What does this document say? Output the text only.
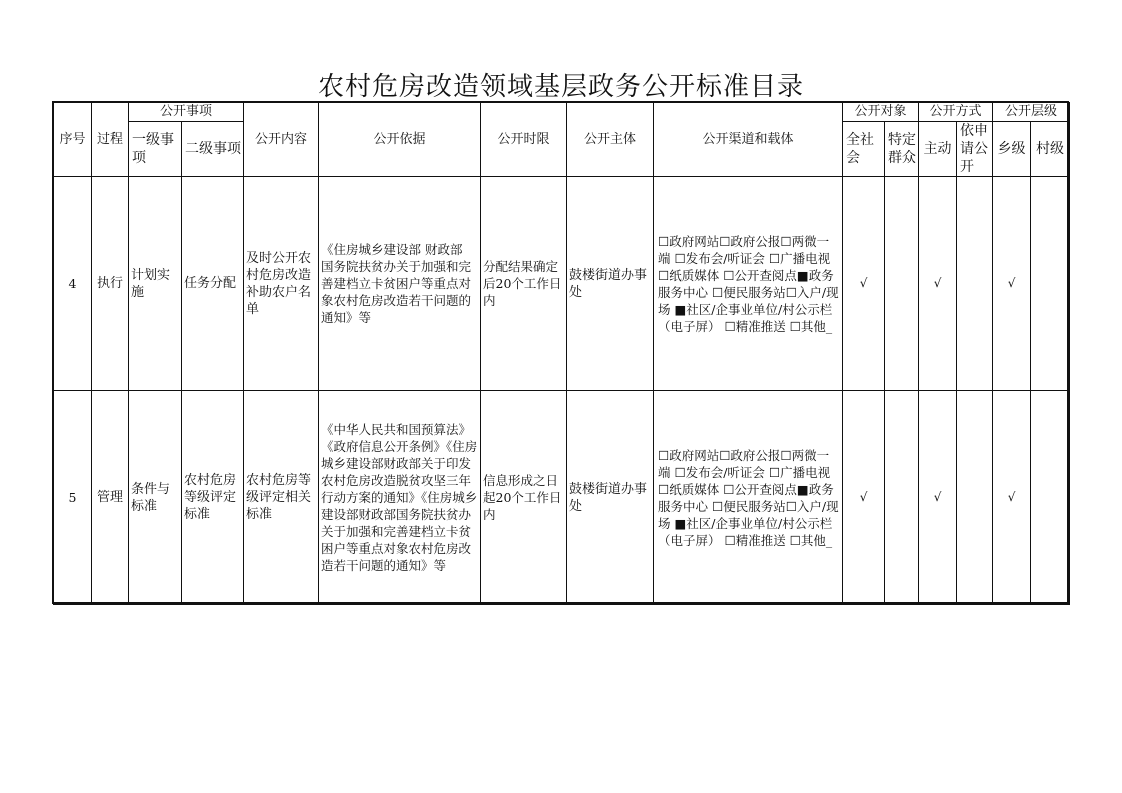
农村危房改造领域基层政务公开标准目录
序号	过程	公开事项		公开内容	公开依据	公开时限	公开主体	公开渠道和载体	公开对象		公开方式		公开层级	
		一级事项	二级事项						全社会	特定群众	主动	依申请公开	乡级	村级
4	执行	计划实施	任务分配	及时公开农村危房改造补助农户名单	《住房城乡建设部 财政部 国务院扶贫办关于加强和完善建档立卡贫困户等重点对象农村危房改造若干问题的通知》等	分配结果确定后20个工作日内	鼓楼街道办事处	☐政府网站☐政府公报☐两微一端 ☐发布会/听证会 ☐广播电视☐纸质媒体 ☐公开查阅点■政务服务中心 ☐便民服务站☐入户/现场 ■社区/企事业单位/村公示栏（电子屏） ☐精准推送 ☐其他_	√		√		√	
5	管理	条件与标准	农村危房等级评定标准	农村危房等级评定相关标准	《中华人民共和国预算法》《政府信息公开条例》《住房城乡建设部财政部关于印发农村危房改造脱贫攻坚三年行动方案的通知》《住房城乡建设部财政部国务院扶贫办关于加强和完善建档立卡贫困户等重点对象农村危房改造若干问题的通知》等	信息形成之日起20个工作日内	鼓楼街道办事处	☐政府网站☐政府公报☐两微一端 ☐发布会/听证会 ☐广播电视☐纸质媒体 ☐公开查阅点■政务服务中心 ☐便民服务站☐入户/现场 ■社区/企事业单位/村公示栏（电子屏） ☐精准推送 ☐其他_	√		√		√	
